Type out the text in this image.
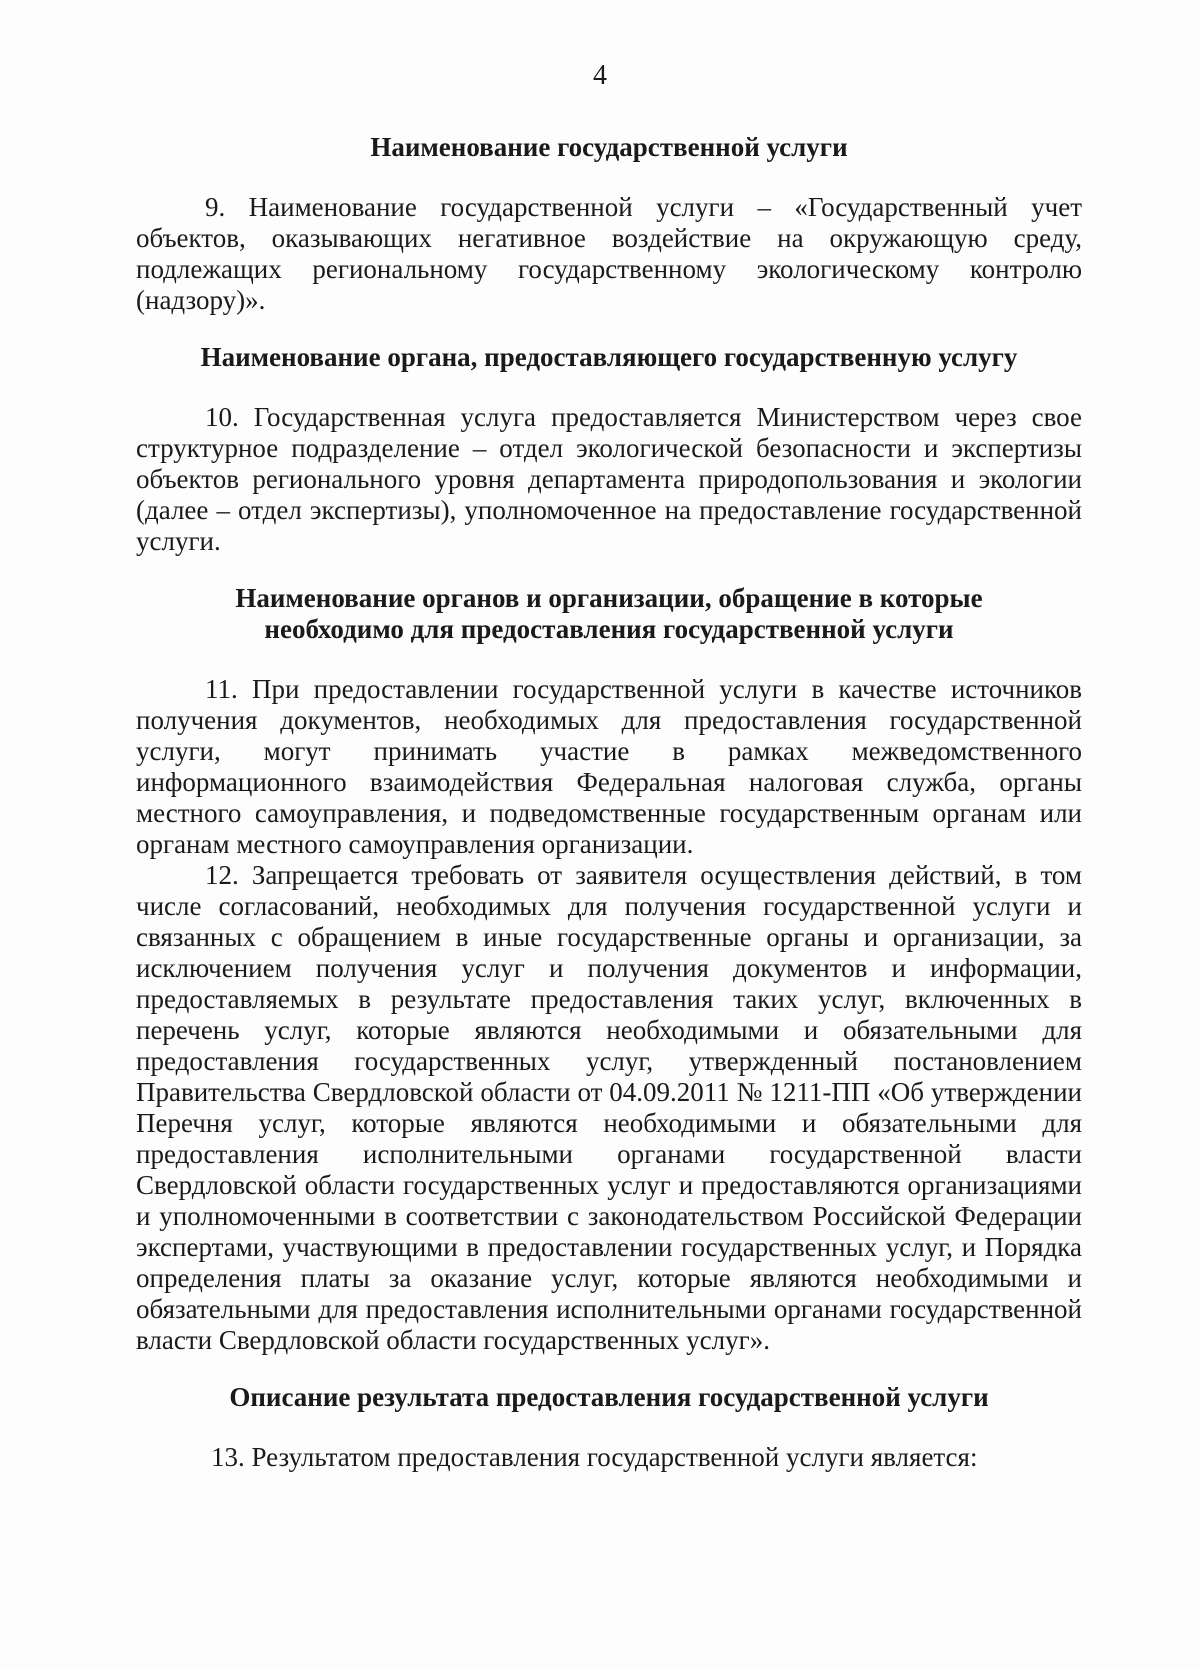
4
Наименование государственной услуги

9. Наименование государственной услуги – «Государственный учет объектов, оказывающих негативное воздействие на окружающую среду, подлежащих региональному государственному экологическому контролю (надзору)».

Наименование органа, предоставляющего государственную услугу

10. Государственная услуга предоставляется Министерством через свое структурное подразделение – отдел экологической безопасности и экспертизы объектов регионального уровня департамента природопользования и экологии (далее – отдел экспертизы), уполномоченное на предоставление государственной услуги.

Наименование органов и организации, обращение в которые
необходимо для предоставления государственной услуги

11. При предоставлении государственной услуги в качестве источников получения документов, необходимых для предоставления государственной услуги, могут принимать участие в рамках межведомственного информационного взаимодействия Федеральная налоговая служба, органы местного самоуправления, и подведомственные государственным органам или органам местного самоуправления организации.

12. Запрещается требовать от заявителя осуществления действий, в том числе согласований, необходимых для получения государственной услуги и связанных с обращением в иные государственные органы и организации, за исключением получения услуг и получения документов и информации, предоставляемых в результате предоставления таких услуг, включенных в перечень услуг, которые являются необходимыми и обязательными для предоставления государственных услуг, утвержденный постановлением Правительства Свердловской области от 04.09.2011 № 1211-ПП «Об утверждении Перечня услуг, которые являются необходимыми и обязательными для предоставления исполнительными органами государственной власти Свердловской области государственных услуг и предоставляются организациями и уполномоченными в соответствии с законодательством Российской Федерации экспертами, участвующими в предоставлении государственных услуг, и Порядка определения платы за оказание услуг, которые являются необходимыми и обязательными для предоставления исполнительными органами государственной власти Свердловской области государственных услуг».

Описание результата предоставления государственной услуги

13. Результатом предоставления государственной услуги является:
